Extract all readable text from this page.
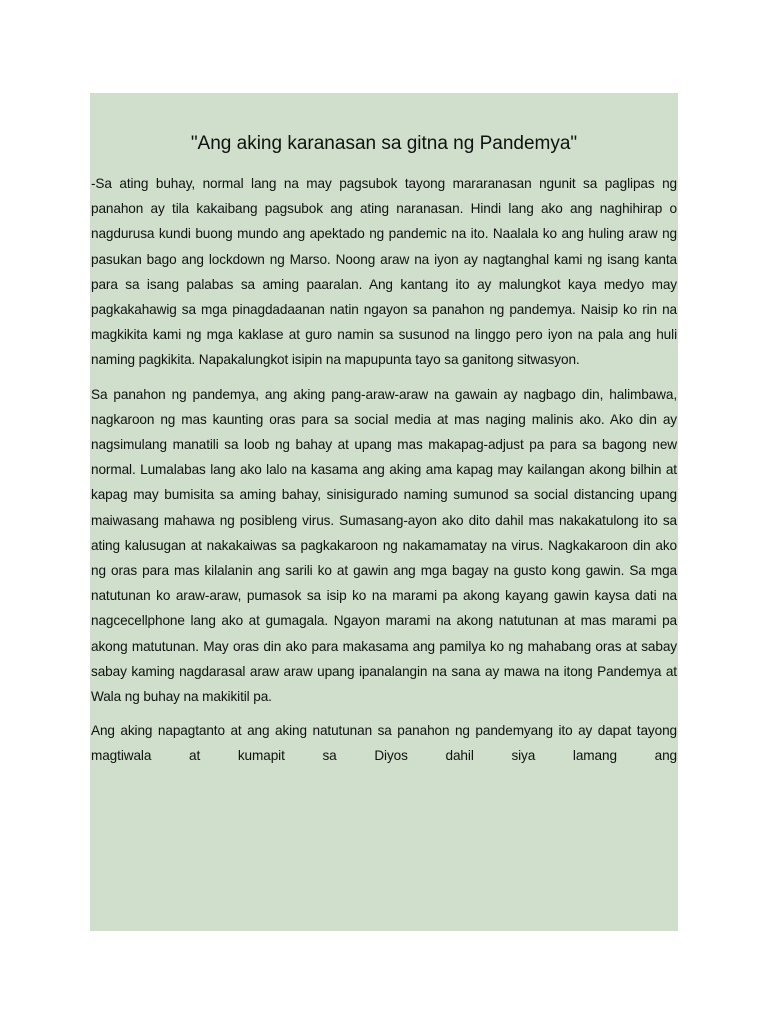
"Ang aking karanasan sa gitna ng Pandemya"

-Sa ating buhay, normal lang na may pagsubok tayong mararanasan ngunit sa paglipas ng panahon ay tila kakaibang pagsubok ang ating naranasan. Hindi lang ako ang naghihirap o nagdurusa kundi buong mundo ang apektado ng pandemic na ito. Naalala ko ang huling araw ng pasukan bago ang lockdown ng Marso. Noong araw na iyon ay nagtanghal kami ng isang kanta para sa isang palabas sa aming paaralan. Ang kantang ito ay malungkot kaya medyo may pagkakahawig sa mga pinagdadaanan natin ngayon sa panahon ng pandemya. Naisip ko rin na magkikita kami ng mga kaklase at guro namin sa susunod na linggo pero iyon na pala ang huli naming pagkikita. Napakalungkot isipin na mapupunta tayo sa ganitong sitwasyon.

Sa panahon ng pandemya, ang aking pang-araw-araw na gawain ay nagbago din, halimbawa, nagkaroon ng mas kaunting oras para sa social media at mas naging malinis ako. Ako din ay nagsimulang manatili sa loob ng bahay at upang mas makapag-adjust pa para sa bagong new normal. Lumalabas lang ako lalo na kasama ang aking ama kapag may kailangan akong bilhin at kapag may bumisita sa aming bahay, sinisigurado naming sumunod sa social distancing upang maiwasang mahawa ng posibleng virus. Sumasang-ayon ako dito dahil mas nakakatulong ito sa ating kalusugan at nakakaiwas sa pagkakaroon ng nakamamatay na virus. Nagkakaroon din ako ng oras para mas kilalanin ang sarili ko at gawin ang mga bagay na gusto kong gawin. Sa mga natutunan ko araw-araw, pumasok sa isip ko na marami pa akong kayang gawin kaysa dati na nagcecellphone lang ako at gumagala. Ngayon marami na akong natutunan at mas marami pa akong matutunan. May oras din ako para makasama ang pamilya ko ng mahabang oras at sabay sabay kaming nagdarasal araw araw upang ipanalangin na sana ay mawa na itong Pandemya at Wala ng buhay na makikitil pa.

Ang aking napagtanto at ang aking natutunan sa panahon ng pandemyang ito ay dapat tayong magtiwala at kumapit sa Diyos dahil siya lamang ang
